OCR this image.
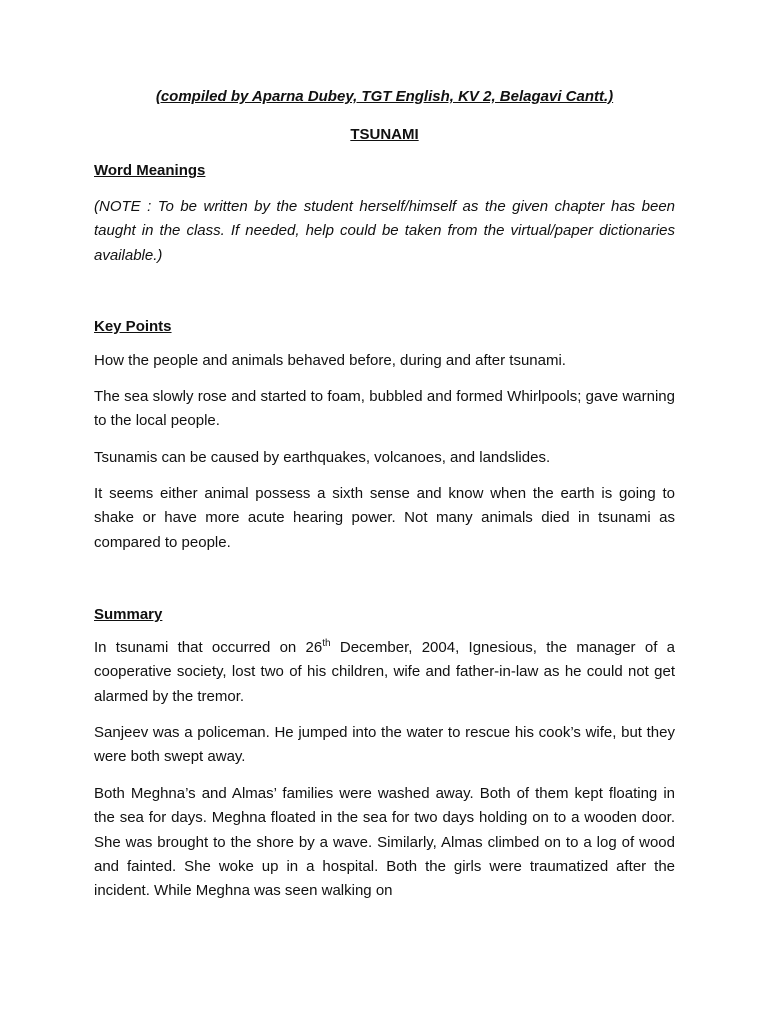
(compiled by Aparna Dubey, TGT English, KV 2, Belagavi Cantt.)
TSUNAMI
Word Meanings

(NOTE : To be written by the student herself/himself as the given chapter has been taught in the class. If needed, help could be taken from the virtual/paper dictionaries available.)

Key Points

How the people and animals behaved before, during and after tsunami.

The sea slowly rose and started to foam, bubbled and formed Whirlpools; gave warning to the local people.

Tsunamis can be caused by earthquakes, volcanoes, and landslides.

It seems either animal possess a sixth sense and know when the earth is going to shake or have more acute hearing power. Not many animals died in tsunami as compared to people.

Summary

In tsunami that occurred on 26th December, 2004, Ignesious, the manager of a cooperative society, lost two of his children, wife and father-in-law as he could not get alarmed by the tremor.

Sanjeev was a policeman. He jumped into the water to rescue his cook’s wife, but they were both swept away.

Both Meghna’s and Almas’ families were washed away. Both of them kept floating in the sea for days. Meghna floated in the sea for two days holding on to a wooden door. She was brought to the shore by a wave. Similarly, Almas climbed on to a log of wood and fainted. She woke up in a hospital. Both the girls were traumatized after the incident. While Meghna was seen walking on
